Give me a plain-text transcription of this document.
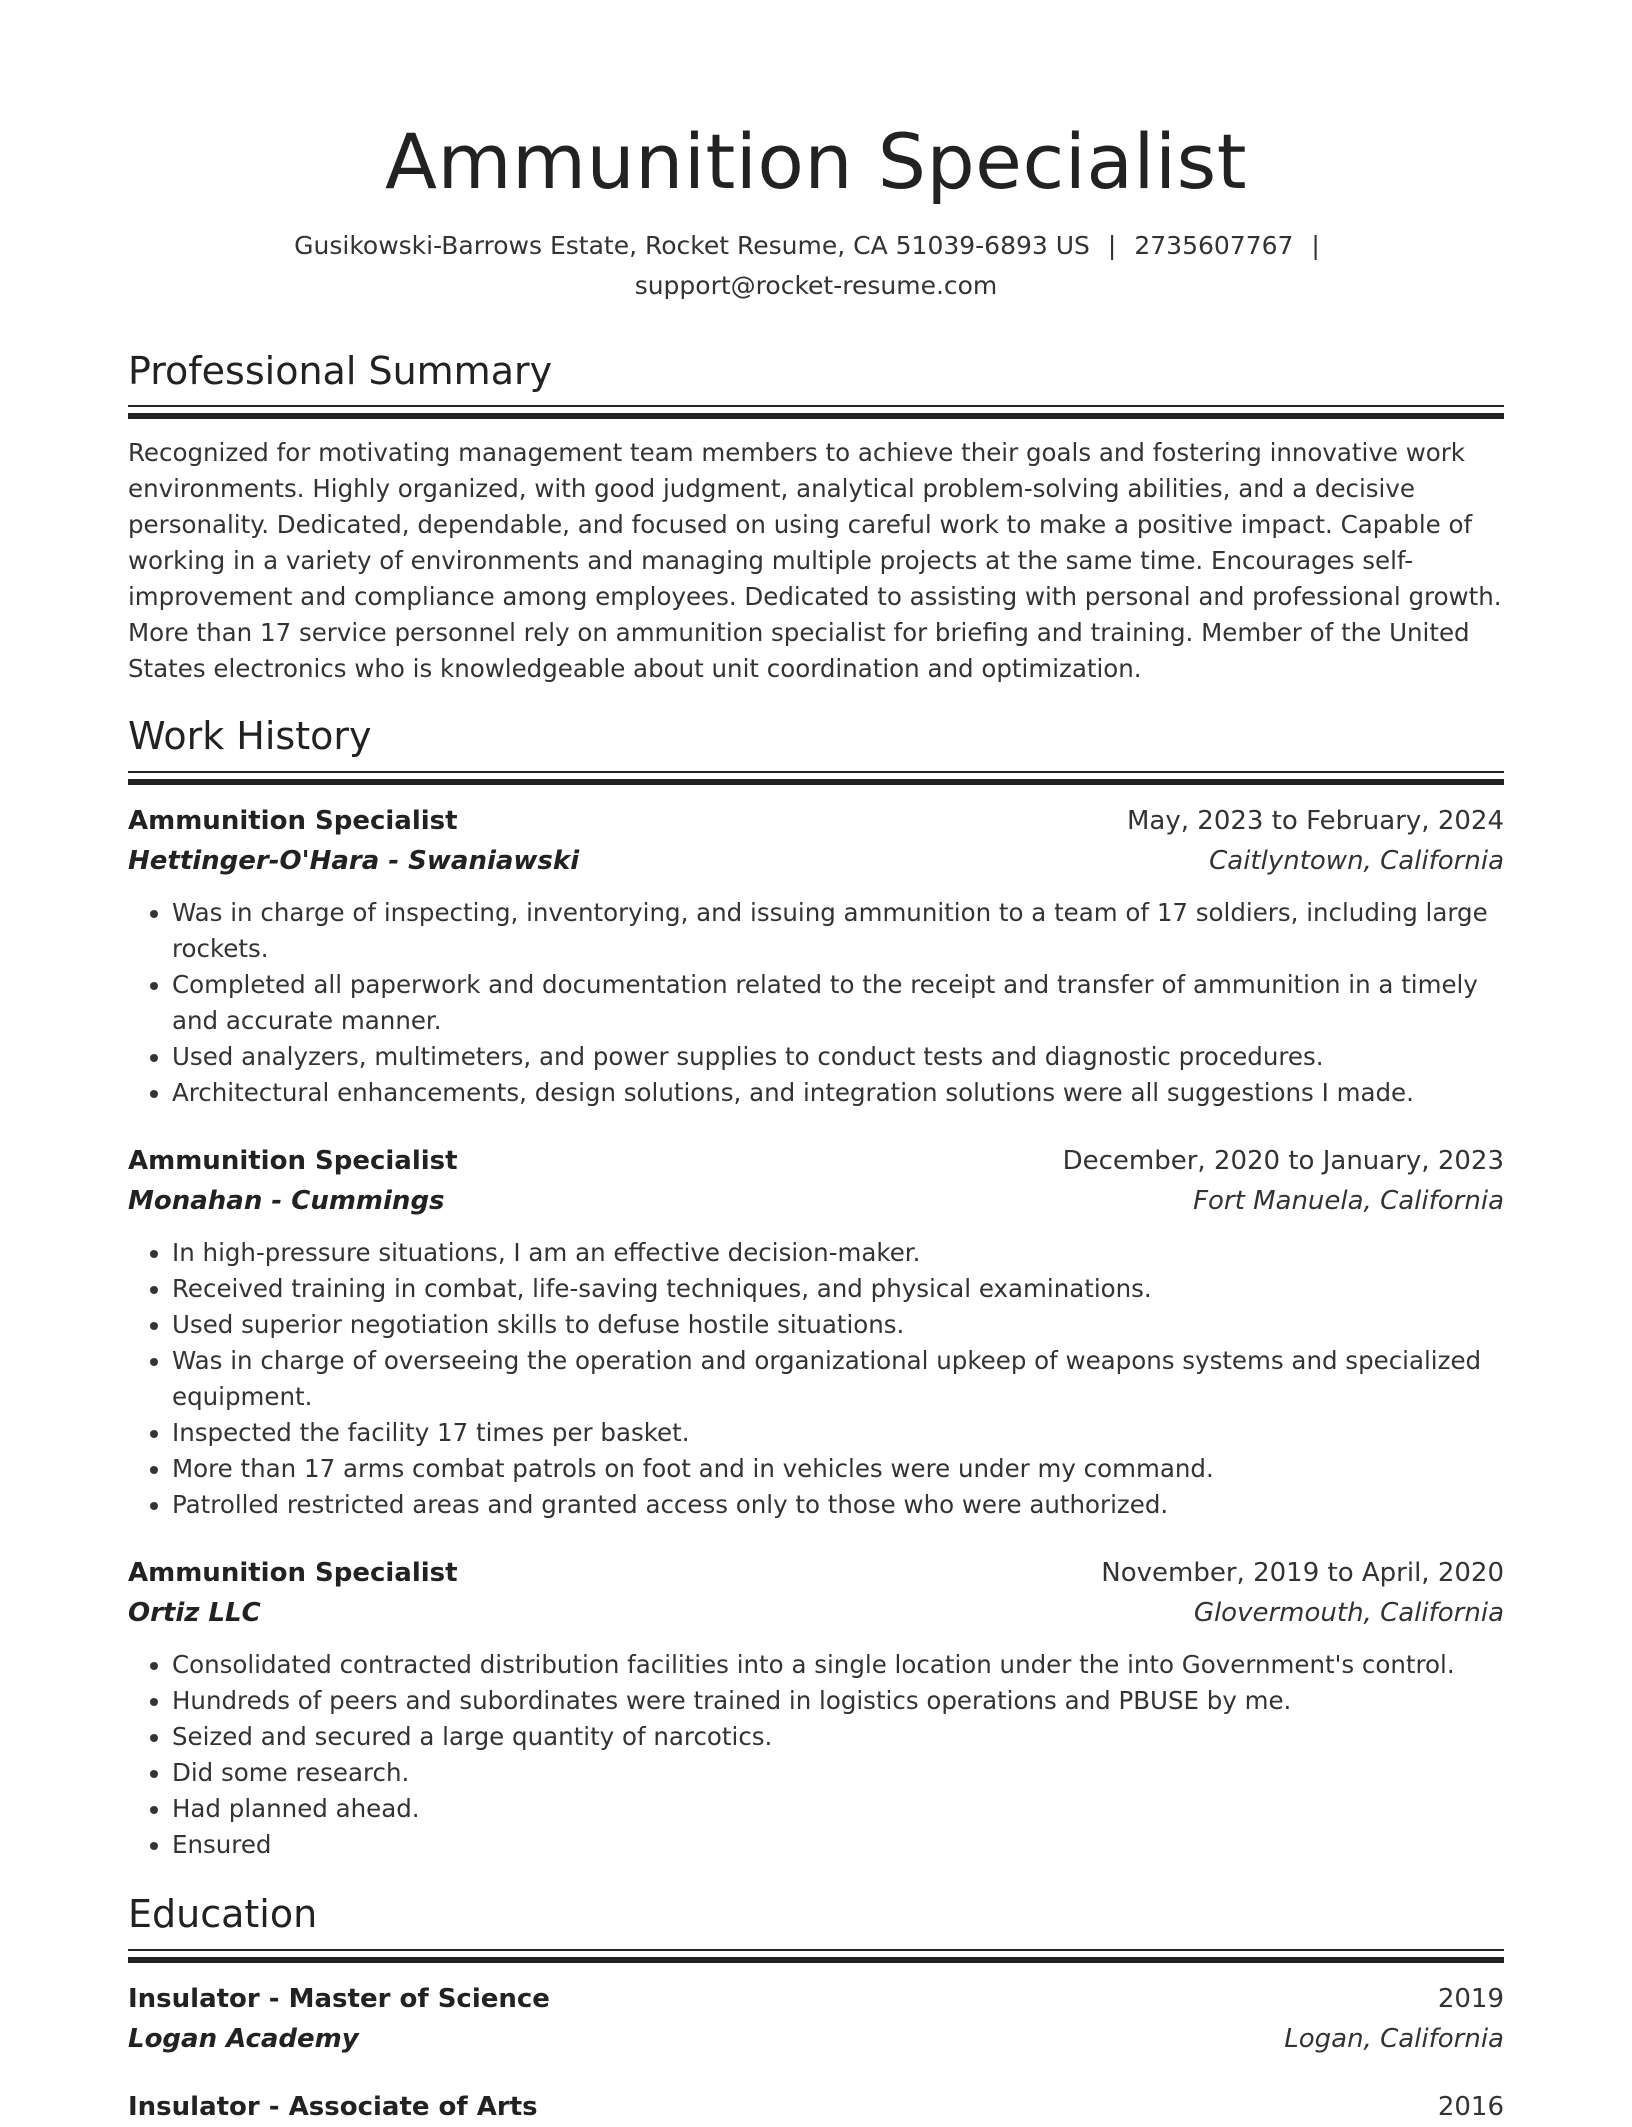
Ammunition Specialist
Gusikowski-Barrows Estate, Rocket Resume, CA 51039-6893 US | 2735607767 | support@rocket-resume.com
Professional Summary

Recognized for motivating management team members to achieve their goals and fostering innovative work environments. Highly organized, with good judgment, analytical problem-solving abilities, and a decisive personality. Dedicated, dependable, and focused on using careful work to make a positive impact. Capable of working in a variety of environments and managing multiple projects at the same time. Encourages self-improvement and compliance among employees. Dedicated to assisting with personal and professional growth. More than 17 service personnel rely on ammunition specialist for briefing and training. Member of the United States electronics who is knowledgeable about unit coordination and optimization.

Work History
Ammunition Specialist	May, 2023 to February, 2024
Hettinger-O'Hara - Swaniawski	Caitlyntown, California
• Was in charge of inspecting, inventorying, and issuing ammunition to a team of 17 soldiers, including large rockets.
• Completed all paperwork and documentation related to the receipt and transfer of ammunition in a timely and accurate manner.
• Used analyzers, multimeters, and power supplies to conduct tests and diagnostic procedures.
• Architectural enhancements, design solutions, and integration solutions were all suggestions I made.
Ammunition Specialist	December, 2020 to January, 2023
Monahan - Cummings	Fort Manuela, California
• In high-pressure situations, I am an effective decision-maker.
• Received training in combat, life-saving techniques, and physical examinations.
• Used superior negotiation skills to defuse hostile situations.
• Was in charge of overseeing the operation and organizational upkeep of weapons systems and specialized equipment.
• Inspected the facility 17 times per basket.
• More than 17 arms combat patrols on foot and in vehicles were under my command.
• Patrolled restricted areas and granted access only to those who were authorized.
Ammunition Specialist	November, 2019 to April, 2020
Ortiz LLC	Glovermouth, California
• Consolidated contracted distribution facilities into a single location under the into Government's control.
• Hundreds of peers and subordinates were trained in logistics operations and PBUSE by me.
• Seized and secured a large quantity of narcotics.
• Did some research.
• Had planned ahead.
• Ensured
Education
Insulator - Master of Science	2019
Logan Academy	Logan, California
Insulator - Associate of Arts	2016
